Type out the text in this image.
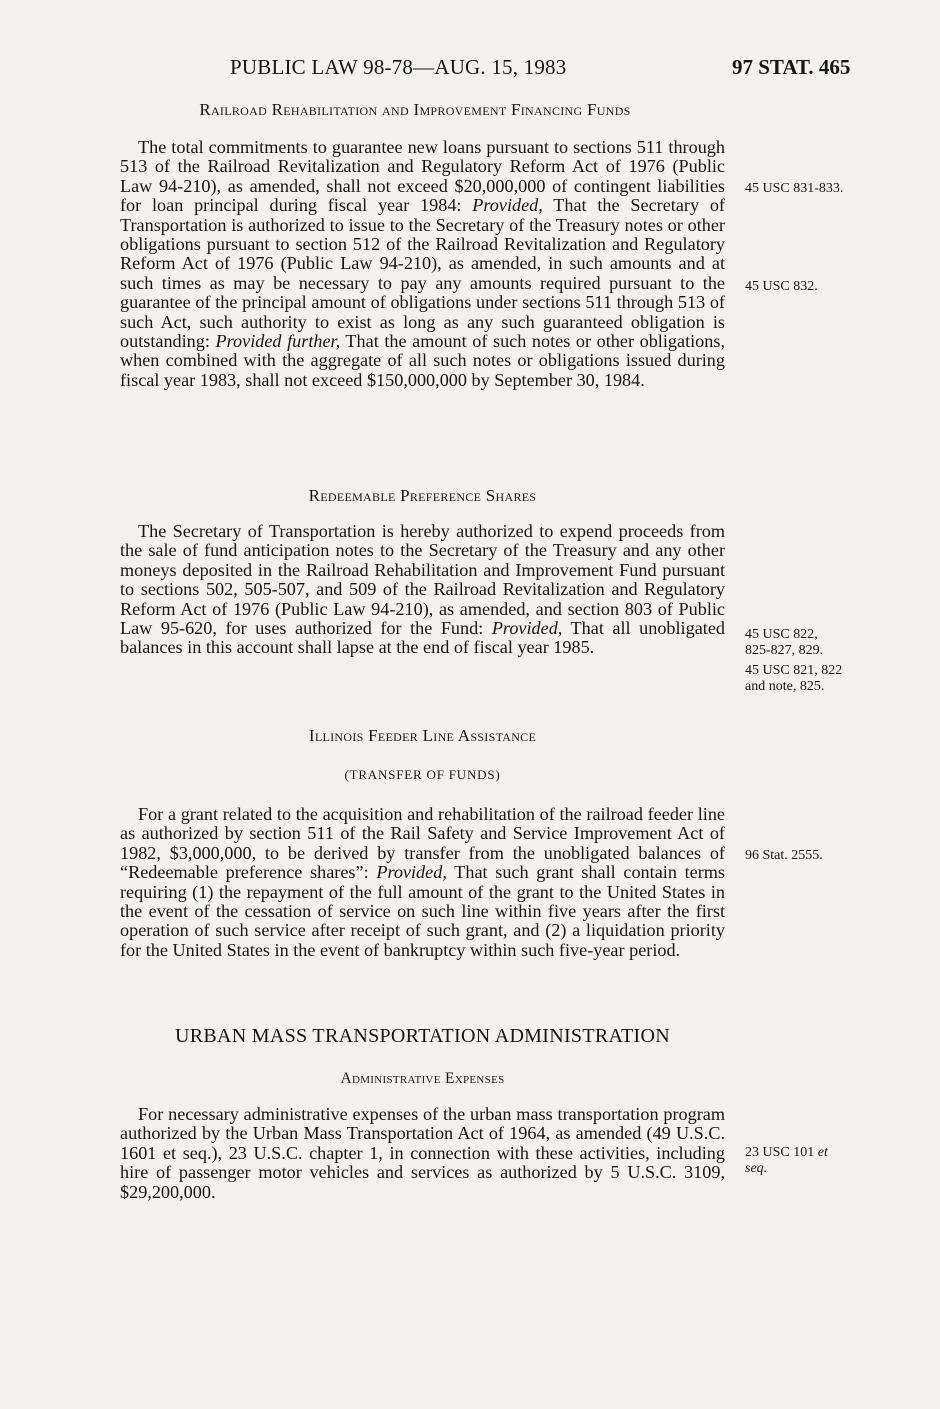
PUBLIC LAW 98-78—AUG. 15, 1983	97 STAT. 465
Railroad Rehabilitation and Improvement Financing Funds

The total commitments to guarantee new loans pursuant to sections 511 through 513 of the Railroad Revitalization and Regulatory Reform Act of 1976 (Public Law 94-210), as amended, shall not exceed $20,000,000 of contingent liabilities for loan principal during fiscal year 1984: Provided, That the Secretary of Transportation is authorized to issue to the Secretary of the Treasury notes or other obligations pursuant to section 512 of the Railroad Revitalization and Regulatory Reform Act of 1976 (Public Law 94-210), as amended, in such amounts and at such times as may be necessary to pay any amounts required pursuant to the guarantee of the principal amount of obligations under sections 511 through 513 of such Act, such authority to exist as long as any such guaranteed obligation is outstanding: Provided further, That the amount of such notes or other obligations, when combined with the aggregate of all such notes or obligations issued during fiscal year 1983, shall not exceed $150,000,000 by September 30, 1984.

Redeemable Preference Shares

The Secretary of Transportation is hereby authorized to expend proceeds from the sale of fund anticipation notes to the Secretary of the Treasury and any other moneys deposited in the Railroad Rehabilitation and Improvement Fund pursuant to sections 502, 505-507, and 509 of the Railroad Revitalization and Regulatory Reform Act of 1976 (Public Law 94-210), as amended, and section 803 of Public Law 95-620, for uses authorized for the Fund: Provided, That all unobligated balances in this account shall lapse at the end of fiscal year 1985.

Illinois Feeder Line Assistance
(TRANSFER OF FUNDS)

For a grant related to the acquisition and rehabilitation of the railroad feeder line as authorized by section 511 of the Rail Safety and Service Improvement Act of 1982, $3,000,000, to be derived by transfer from the unobligated balances of “Redeemable preference shares”: Provided, That such grant shall contain terms requiring (1) the repayment of the full amount of the grant to the United States in the event of the cessation of service on such line within five years after the first operation of such service after receipt of such grant, and (2) a liquidation priority for the United States in the event of bankruptcy within such five-year period.

URBAN MASS TRANSPORTATION ADMINISTRATION
Administrative Expenses

For necessary administrative expenses of the urban mass transportation program authorized by the Urban Mass Transportation Act of 1964, as amended (49 U.S.C. 1601 et seq.), 23 U.S.C. chapter 1, in connection with these activities, including hire of passenger motor vehicles and services as authorized by 5 U.S.C. 3109, $29,200,000.

45 USC 831-833.
45 USC 832.
45 USC 822, 825-827, 829.
45 USC 821, 822 and note, 825.
96 Stat. 2555.
23 USC 101 et
seq.
